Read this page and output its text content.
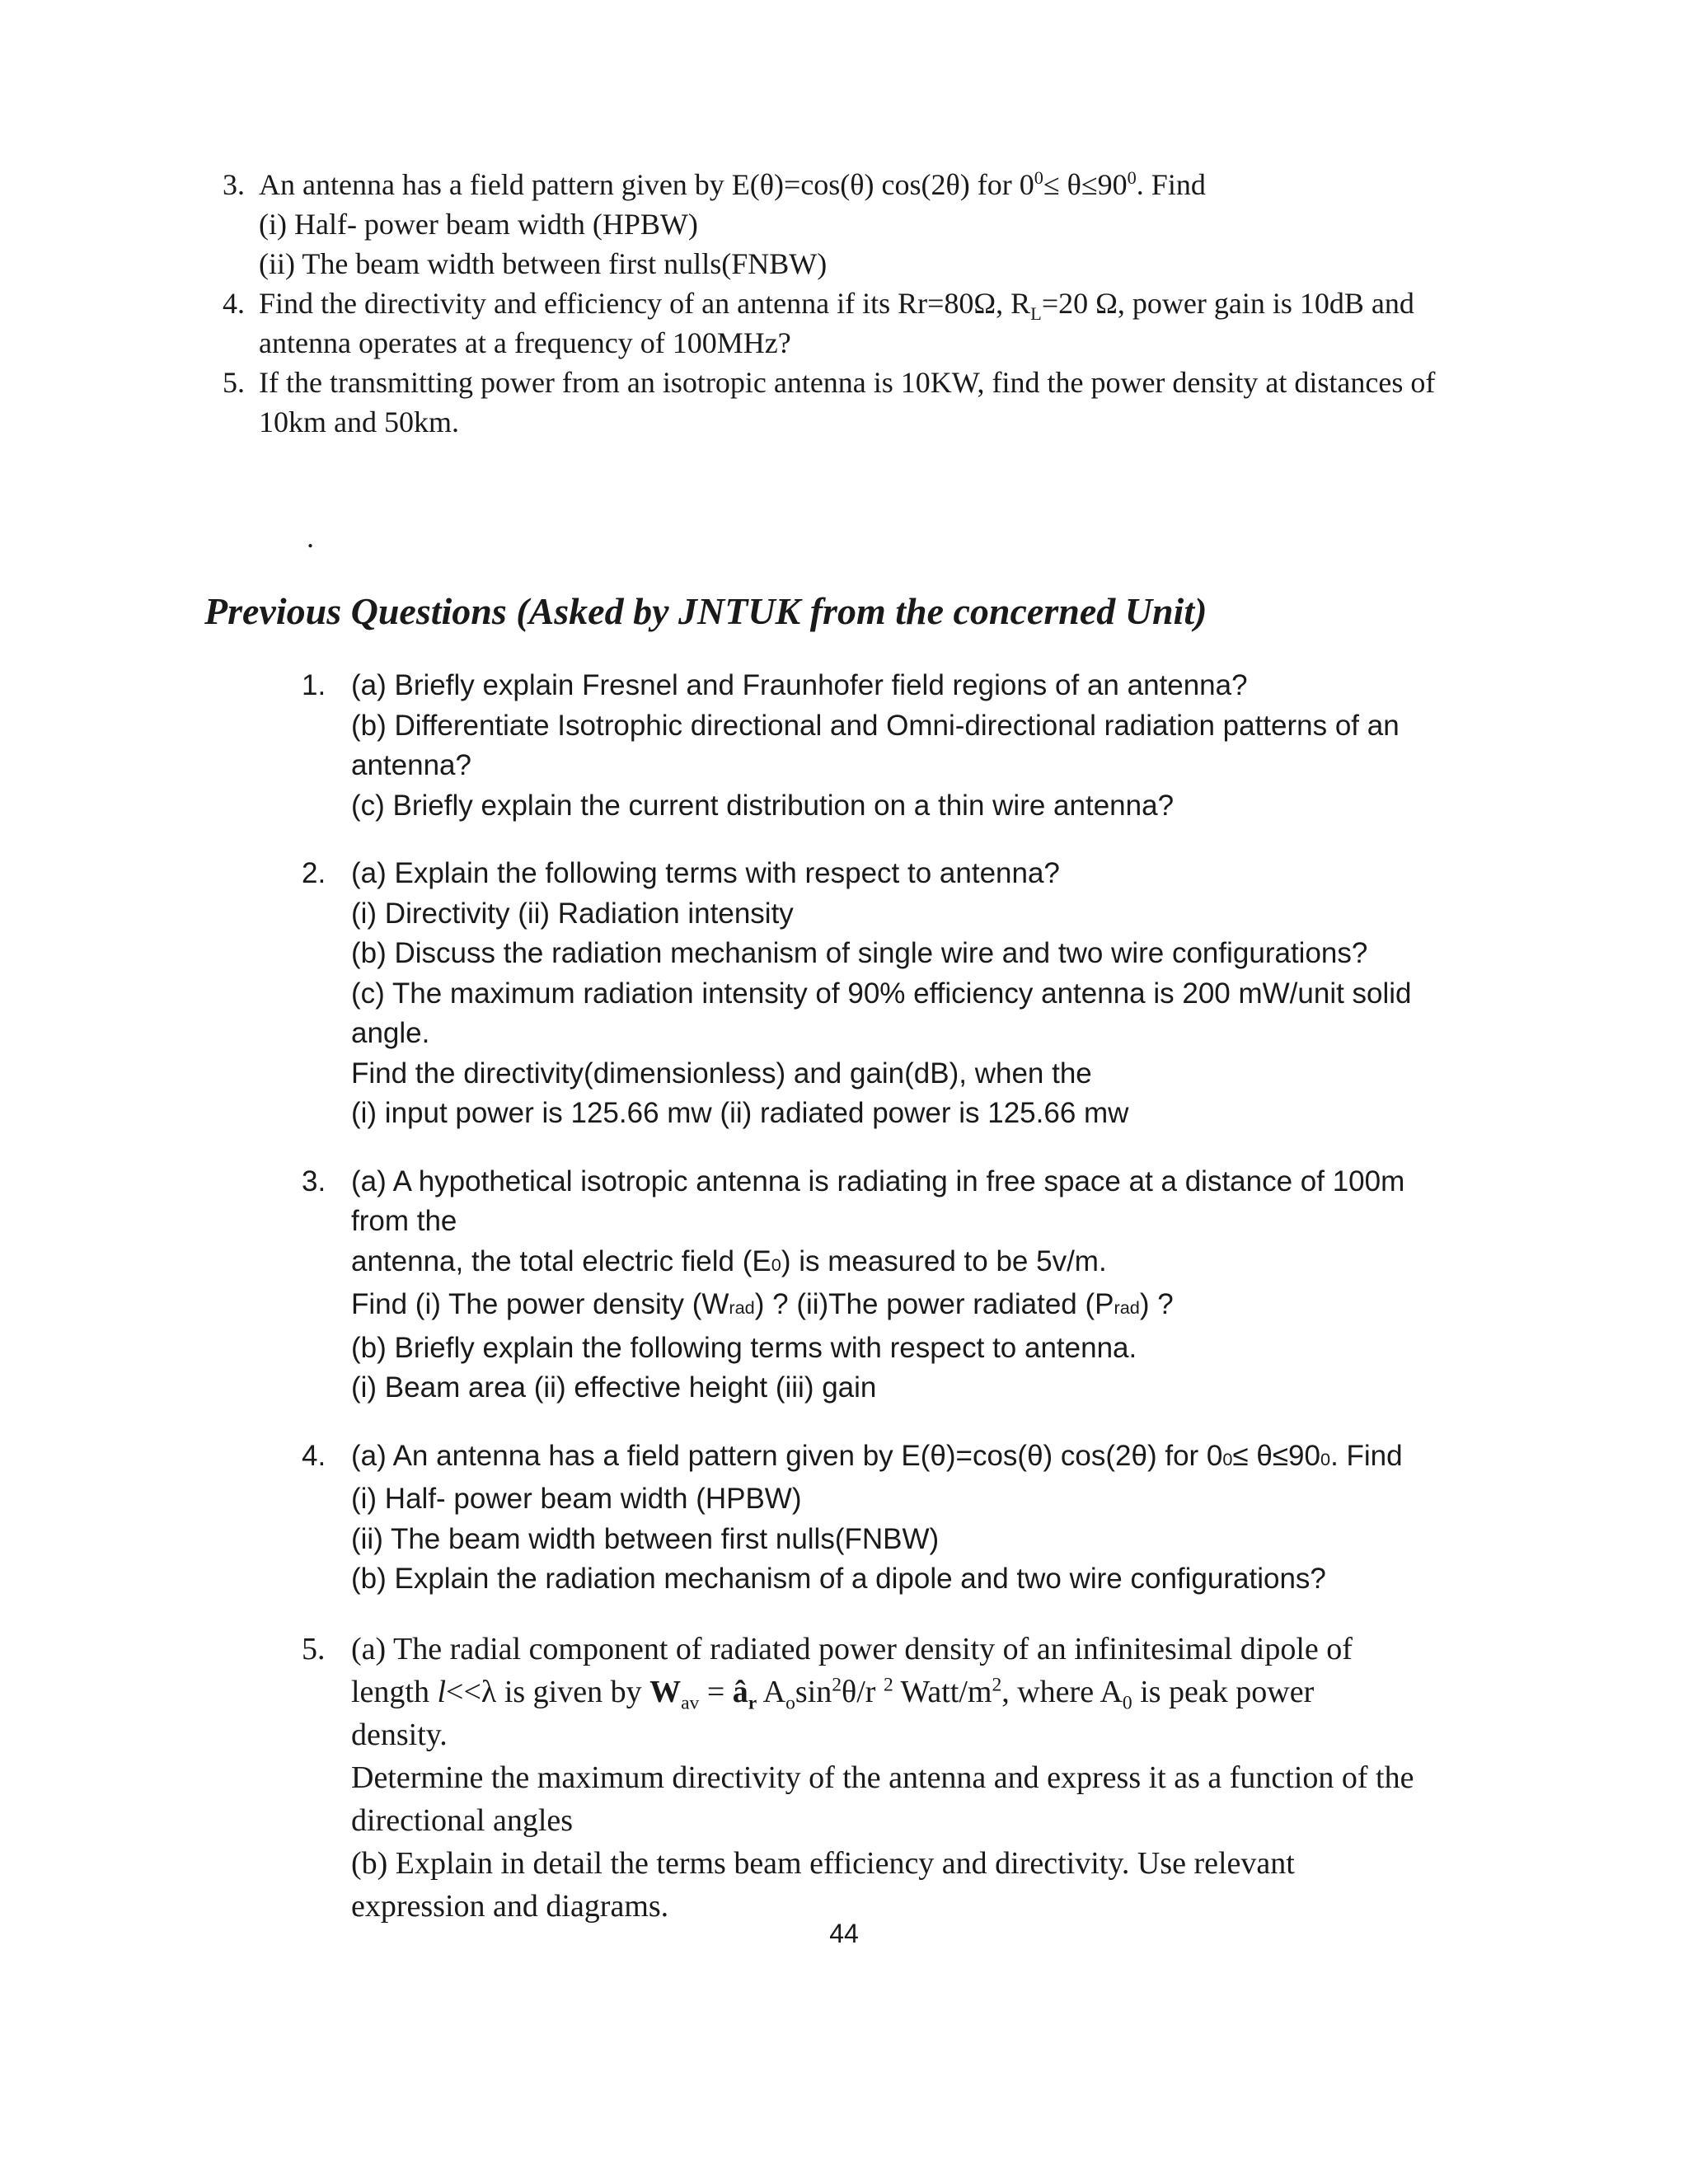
3. An antenna has a field pattern given by E(θ)=cos(θ) cos(2θ) for $0^0\le \theta\le 90^0$. Find
(i) Half- power beam width (HPBW)
(ii) The beam width between first nulls(FNBW)
4. Find the directivity and efficiency of an antenna if its Rr=80Ω, $R_L=20$ Ω, power gain is 10dB and
antenna operates at a frequency of 100MHz?
5. If the transmitting power from an isotropic antenna is 10KW, find the power density at distances of
10km and 50km.
.
Previous Questions (Asked by JNTUK from the concerned Unit)
1. (a) Briefly explain Fresnel and Fraunhofer field regions of an antenna?
(b) Differentiate Isotrophic directional and Omni-directional radiation patterns of an
antenna?
(c) Briefly explain the current distribution on a thin wire antenna?
2. (a) Explain the following terms with respect to antenna?
(i) Directivity (ii) Radiation intensity
(b) Discuss the radiation mechanism of single wire and two wire configurations?
(c) The maximum radiation intensity of 90% efficiency antenna is 200 mW/unit solid
angle.
Find the directivity(dimensionless) and gain(dB), when the
(i) input power is 125.66 mw (ii) radiated power is 125.66 mw
3. (a) A hypothetical isotropic antenna is radiating in free space at a distance of 100m
from the
antenna, the total electric field (E0) is measured to be 5v/m.
Find (i) The power density (Wrad) ? (ii)The power radiated (Prad) ?
(b) Briefly explain the following terms with respect to antenna.
(i) Beam area (ii) effective height (iii) gain
4. (a) An antenna has a field pattern given by E(θ)=cos(θ) cos(2θ) for 00≤ θ≤900. Find
(i) Half- power beam width (HPBW)
(ii) The beam width between first nulls(FNBW)
(b) Explain the radiation mechanism of a dipole and two wire configurations?
5. (a) The radial component of radiated power density of an infinitesimal dipole of
length l<<λ is given by $W_{av}$ = $â_r$ $A_o\sin^2\theta/r$ $^2$ Watt/$m^2$, where $A_0$ is peak power
density.
Determine the maximum directivity of the antenna and express it as a function of the
directional angles
(b) Explain in detail the terms beam efficiency and directivity. Use relevant
expression and diagrams.
44
